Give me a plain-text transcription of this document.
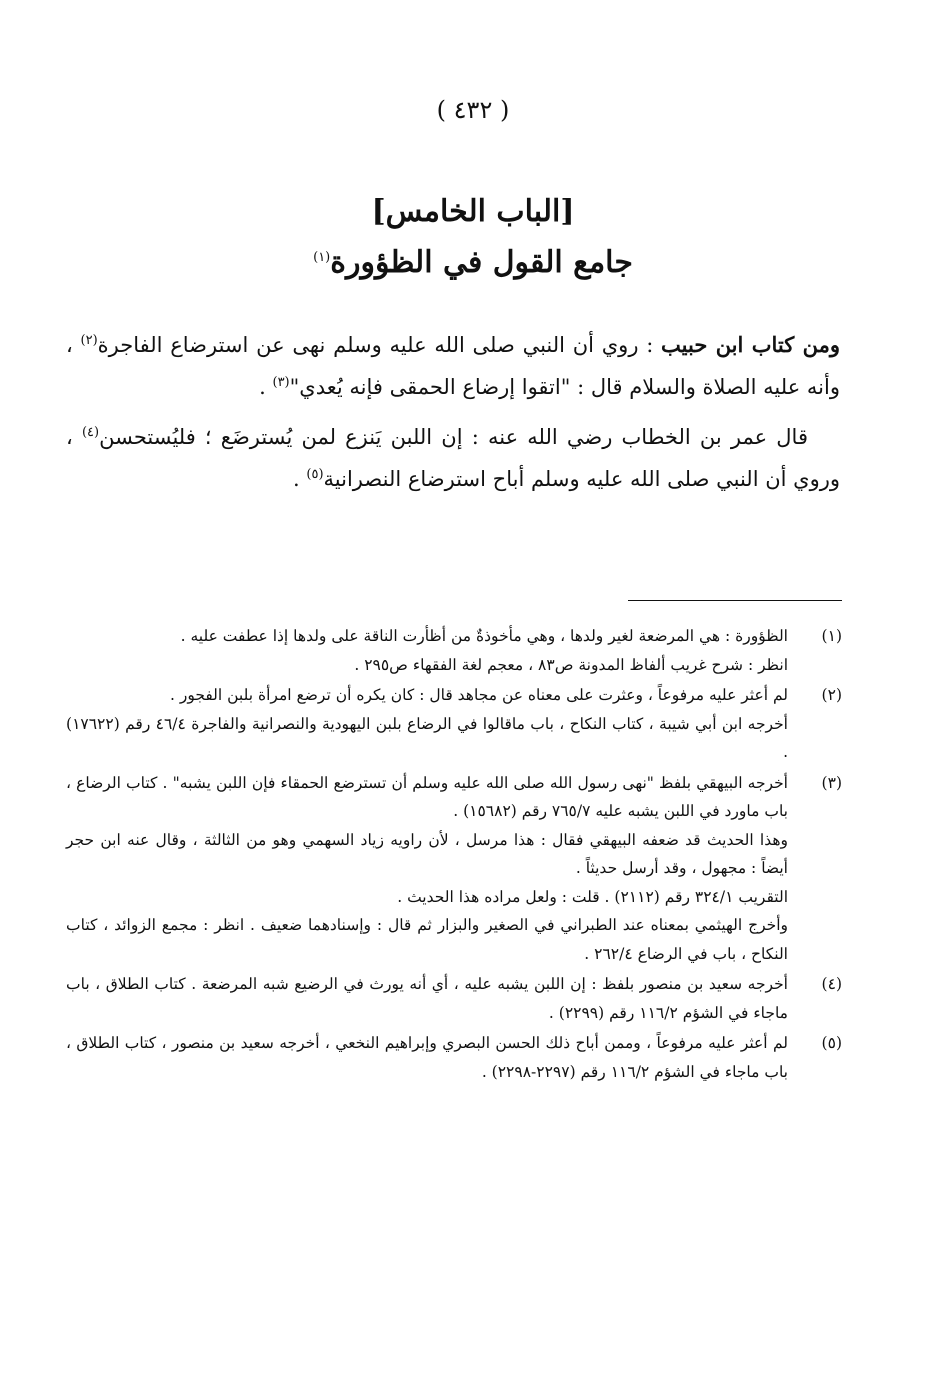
( ٤٣٢ )
[الباب الخامس]
جامع القول في الظؤورة$^{(١)}$

ومن كتاب ابن حبيب : روي أن النبي صلى الله عليه وسلم نهى عن استرضاع الفاجرة$^{(٢)}$ ، وأنه عليه الصلاة والسلام قال : "اتقوا إرضاع الحمقى فإنه يُعدي"$^{(٣)}$ .

قال عمر بن الخطاب رضي الله عنه : إن اللبن يَنزع لمن يُسترضَع ؛ فليُستحسن$^{(٤)}$ ، وروي أن النبي صلى الله عليه وسلم أباح استرضاع النصرانية$^{(٥)}$ .

(١)
الظؤورة : هي المرضعة لغير ولدها ، وهي مأخوذةٌ من أظأرت الناقة على ولدها إذا عطفت عليه .
انظر : شرح غريب ألفاظ المدونة ص٨٣ ، معجم لغة الفقهاء ص٢٩٥ .
(٢)
لم أعثر عليه مرفوعاً ، وعثرت على معناه عن مجاهد قال : كان يكره أن ترضع امرأة بلبن الفجور .
أخرجه ابن أبي شيبة ، كتاب النكاح ، باب ماقالوا في الرضاع بلبن اليهودية والنصرانية والفاجرة ٤٦/٤ رقم (١٧٦٢٢) .
(٣)
أخرجه البيهقي بلفظ "نهى رسول الله صلى الله عليه وسلم أن تسترضع الحمقاء فإن اللبن يشبه" . كتاب الرضاع ، باب ماورد في اللبن يشبه عليه ٧٦٥/٧ رقم (١٥٦٨٢) .
وهذا الحديث قد ضعفه البيهقي فقال : هذا مرسل ، لأن راويه زياد السهمي وهو من الثالثة ، وقال عنه ابن حجر أيضاً : مجهول ، وقد أرسل حديثاً .
التقريب ٣٢٤/١ رقم (٢١١٢) . قلت : ولعل مراده هذا الحديث .
وأخرج الهيثمي بمعناه عند الطبراني في الصغير والبزار ثم قال : وإسنادهما ضعيف . انظر : مجمع الزوائد ، كتاب النكاح ، باب في الرضاع ٢٦٢/٤ .
(٤)
أخرجه سعيد بن منصور بلفظ : إن اللبن يشبه عليه ، أي أنه يورث في الرضيع شبه المرضعة . كتاب الطلاق ، باب ماجاء في الشؤم ١١٦/٢ رقم (٢٢٩٩) .
(٥)
لم أعثر عليه مرفوعاً ، وممن أباح ذلك الحسن البصري وإبراهيم النخعي ، أخرجه سعيد بن منصور ، كتاب الطلاق ، باب ماجاء في الشؤم ١١٦/٢ رقم (٢٢٩٧-٢٢٩٨) .
